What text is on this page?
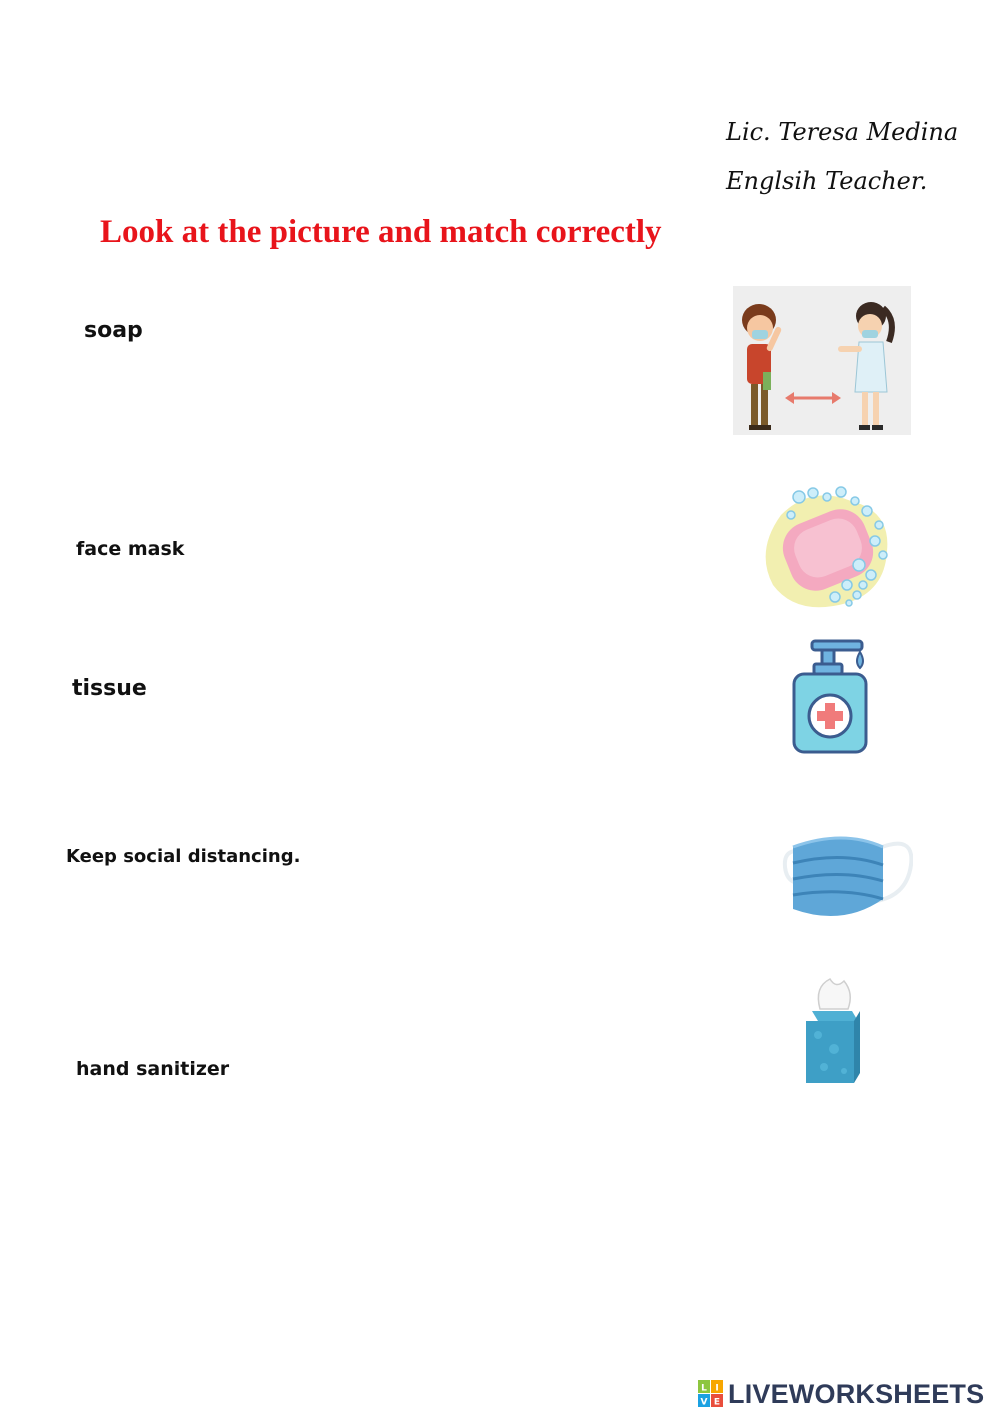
Lic. Teresa Medina
Englsih Teacher.
Look at the picture and match correctly
soap
face mask
tissue
Keep social distancing.
hand sanitizer
L I
V E LIVEWORKSHEETS
